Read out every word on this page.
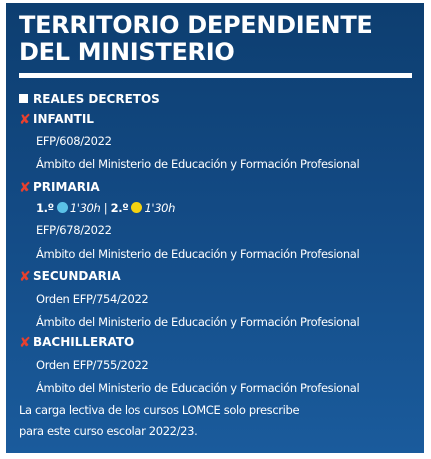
TERRITORIO DEPENDIENTE
DEL MINISTERIO
REALES DECRETOS
✘ INFANTIL
EFP/608/2022
Ámbito del Ministerio de Educación y Formación Profesional
✘ PRIMARIA
1.º 1'30h | 2.º 1'30h
EFP/678/2022
Ámbito del Ministerio de Educación y Formación Profesional
✘ SECUNDARIA
Orden EFP/754/2022
Ámbito del Ministerio de Educación y Formación Profesional
✘ BACHILLERATO
Orden EFP/755/2022
Ámbito del Ministerio de Educación y Formación Profesional
La carga lectiva de los cursos LOMCE solo prescribe
para este curso escolar 2022/23.
